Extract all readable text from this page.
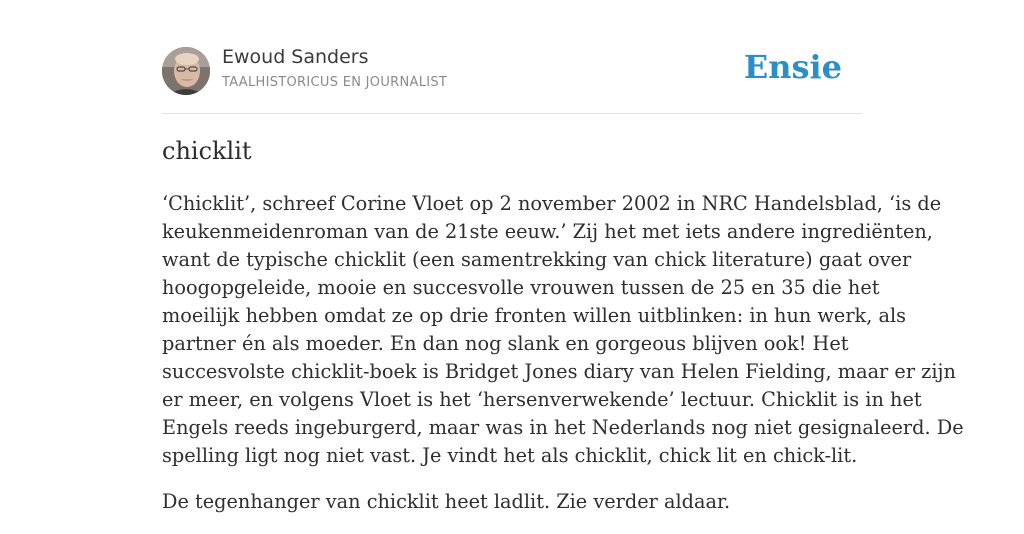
Ewoud Sanders
TAALHISTORICUS EN JOURNALIST	Ensie
chicklit

‘Chicklit’, schreef Corine Vloet op 2 november 2002 in NRC Handelsblad, ‘is de
keukenmeidenroman van de 21ste eeuw.’ Zij het met iets andere ingrediënten,
want de typische chicklit (een samentrekking van chick literature) gaat over
hoogopgeleide, mooie en succesvolle vrouwen tussen de 25 en 35 die het
moeilijk hebben omdat ze op drie fronten willen uitblinken: in hun werk, als
partner én als moeder. En dan nog slank en gorgeous blijven ook! Het
succesvolste chicklit-boek is Bridget Jones diary van Helen Fielding, maar er zijn
er meer, en volgens Vloet is het ‘hersenverwekende’ lectuur. Chicklit is in het
Engels reeds ingeburgerd, maar was in het Nederlands nog niet gesignaleerd. De
spelling ligt nog niet vast. Je vindt het als chicklit, chick lit en chick-lit.

De tegenhanger van chicklit heet ladlit. Zie verder aldaar.
